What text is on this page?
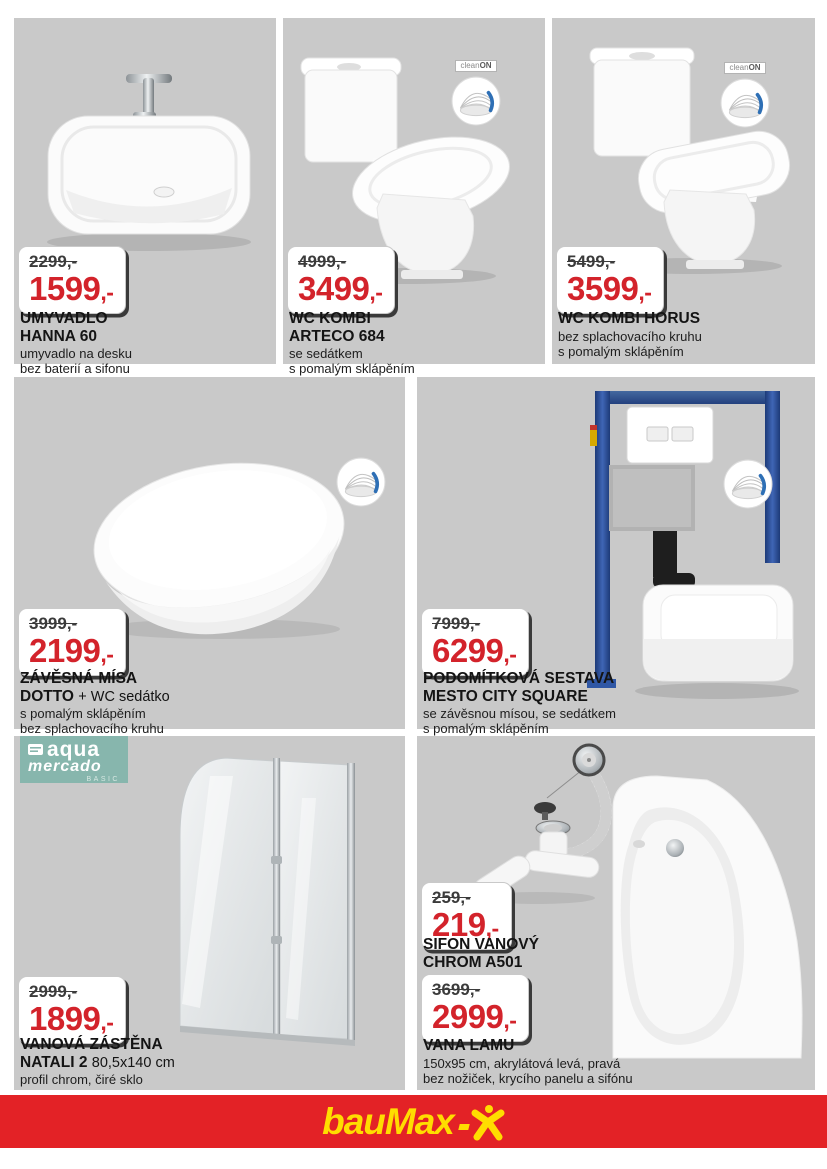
2299,-
1599,-
UMYVADLO
HANNA 60
umyvadlo na desku
bez baterií a sifonu
cleanON
4999,-
3499,-
WC KOMBI
ARTECO 684
se sedátkem
s pomalým sklápěním
cleanON
5499,-
3599,-
WC KOMBI HORUS
bez splachovacího kruhu
s pomalým sklápěním
3999,-
2199,-
ZÁVĚSNÁ MÍSA
DOTTO + WC sedátko
s pomalým sklápěním
bez splachovacího kruhu
7999,-
6299,-
PODOMÍTKOVÁ SESTAVA
MESTO CITY SQUARE
se závěsnou mísou, se sedátkem
s pomalým sklápěním
aqua
mercado
BASIC
2999,-
1899,-
VANOVÁ ZÁSTĚNA
NATALI 2 80,5x140 cm
profil chrom, čiré sklo
259,-
219,-
SIFON VANOVÝ
CHROM A501
3699,-
2999,-
VANA LAMU
150x95 cm, akrylátová levá, pravá
bez nožiček, krycího panelu a sifónu
bauMax
